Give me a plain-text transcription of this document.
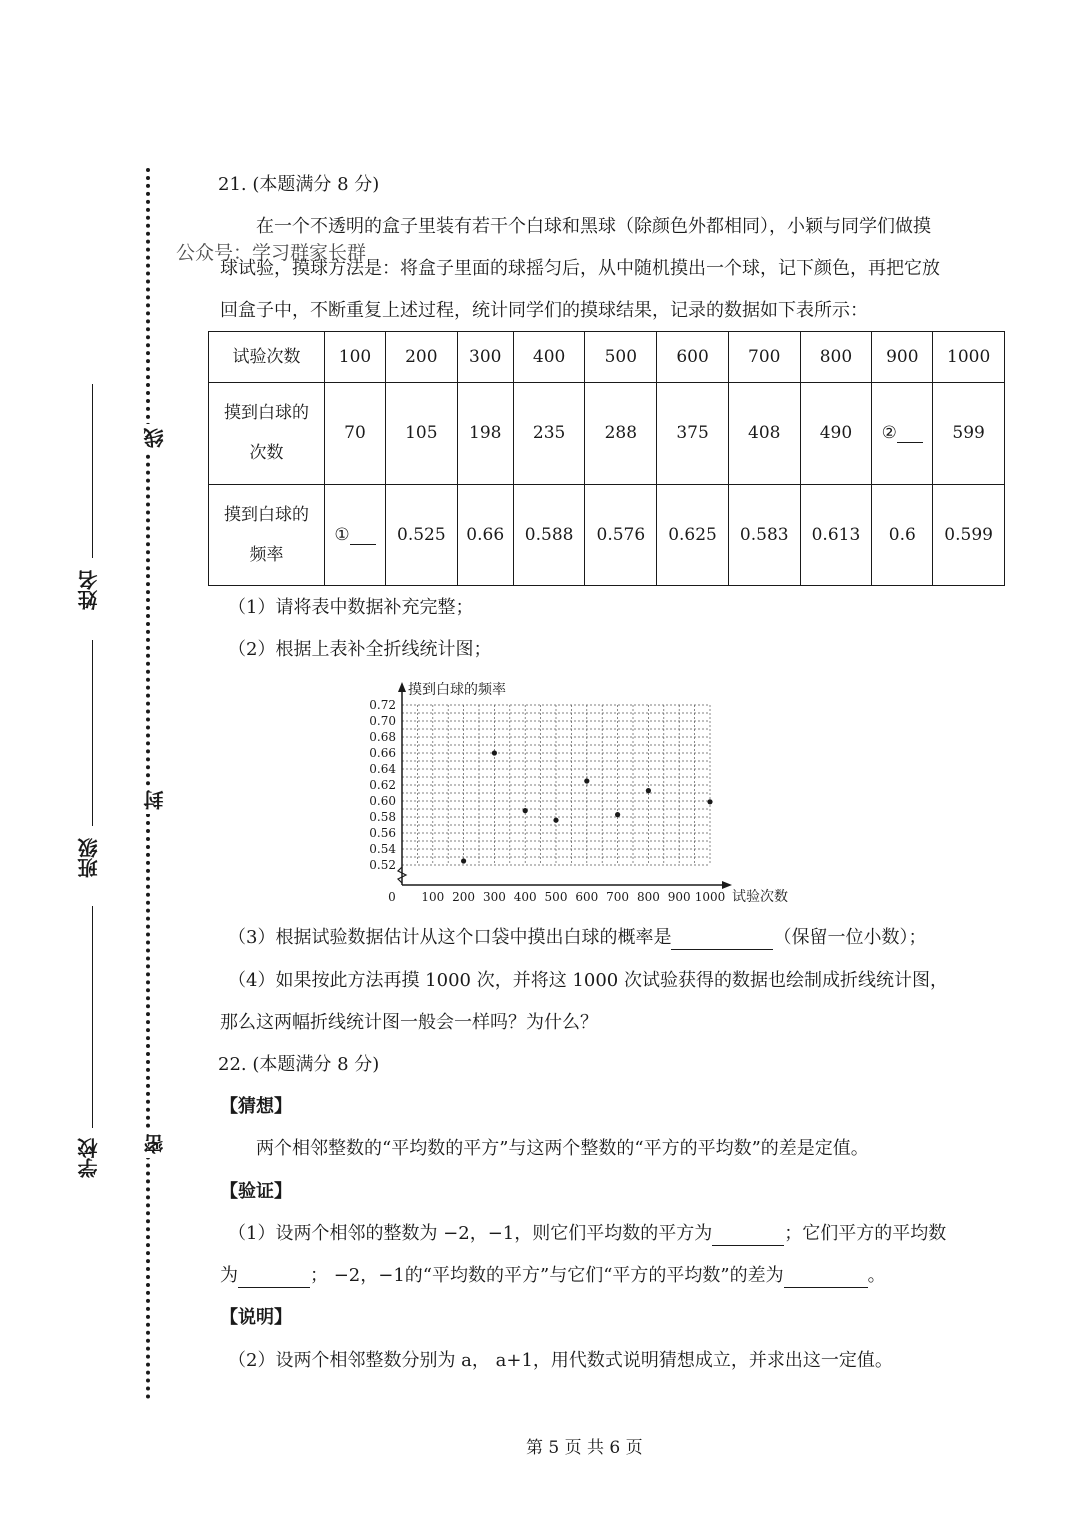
线
封
密
姓名
班级
学校
公众号：学习群家长群
21. (本题满分 8 分)
在一个不透明的盒子里装有若干个白球和黑球（除颜色外都相同），小颖与同学们做摸
球试验，摸球方法是：将盒子里面的球摇匀后，从中随机摸出一个球，记下颜色，再把它放
回盒子中，不断重复上述过程，统计同学们的摸球结果，记录的数据如下表所示：
试验次数	100	200	300	400	500	600	700	800	900	1000
摸到白球的
次数	70	105	198	235	288	375	408	490	②	599
摸到白球的
频率	①	0.525	0.66	0.588	0.576	0.625	0.583	0.613	0.6	0.599
（1）请将表中数据补充完整；
（2）根据上表补全折线统计图；
0.52
0.54
0.56
0.58
0.60
0.62
0.64
0.66
0.68
0.70
0.72
0 100 200 300 400 500 600 700 800 900 1000
摸到白球的频率
试验次数
（3）根据试验数据估计从这个口袋中摸出白球的概率是	（保留一位小数）；
（4）如果按此方法再摸 1000 次，并将这 1000 次试验获得的数据也绘制成折线统计图，
那么这两幅折线统计图一般会一样吗？为什么？
22. (本题满分 8 分)
【猜想】
两个相邻整数的“平均数的平方”与这两个整数的“平方的平均数”的差是定值。
【验证】
（1）设两个相邻的整数为 −2，−1，则它们平均数的平方为	；它们平方的平均数
为	； −2，−1的“平均数的平方”与它们“平方的平均数”的差为	。
【说明】
（2）设两个相邻整数分别为 a， a+1，用代数式说明猜想成立，并求出这一定值。
第 5 页 共 6 页
